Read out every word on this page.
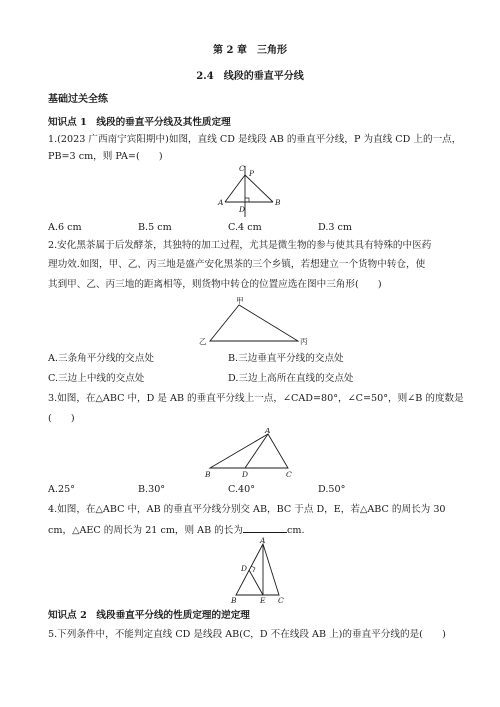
第 2 章　三角形
2.4　线段的垂直平分线
基础过关全练
知识点 1　线段的垂直平分线及其性质定理
1.(2023 广西南宁宾阳期中)如图，直线 CD 是线段 AB 的垂直平分线，P 为直线 CD 上的一点，
PB=3 cm，则 PA=(　　)
C
P
A
D
B
A.6 cm	B.5 cm	C.4 cm	D.3 cm
2.安化黑茶属于后发酵茶，其独特的加工过程，尤其是微生物的参与使其具有特殊的中医药
理功效.如图，甲、乙、丙三地是盛产安化黑茶的三个乡镇，若想建立一个货物中转仓，使
其到甲、乙、丙三地的距离相等，则货物中转仓的位置应选在图中三角形(　　)
甲
乙	丙
A.三条角平分线的交点处	B.三边垂直平分线的交点处
C.三边上中线的交点处	D.三边上高所在直线的交点处
3.如图，在△ABC 中，D 是 AB 的垂直平分线上一点，∠CAD=80°，∠C=50°，则∠B 的度数是
(　　)
A
B	D	C
A.25°	B.30°	C.40°	D.50°
4.如图，在△ABC 中，AB 的垂直平分线分别交 AB，BC 于点 D，E，若△ABC 的周长为 30
cm，△AEC 的周长为 21 cm，则 AB 的长为	cm.
A
D
B	E C
知识点 2　线段垂直平分线的性质定理的逆定理
5.下列条件中，不能判定直线 CD 是线段 AB(C，D 不在线段 AB 上)的垂直平分线的是(　　)
